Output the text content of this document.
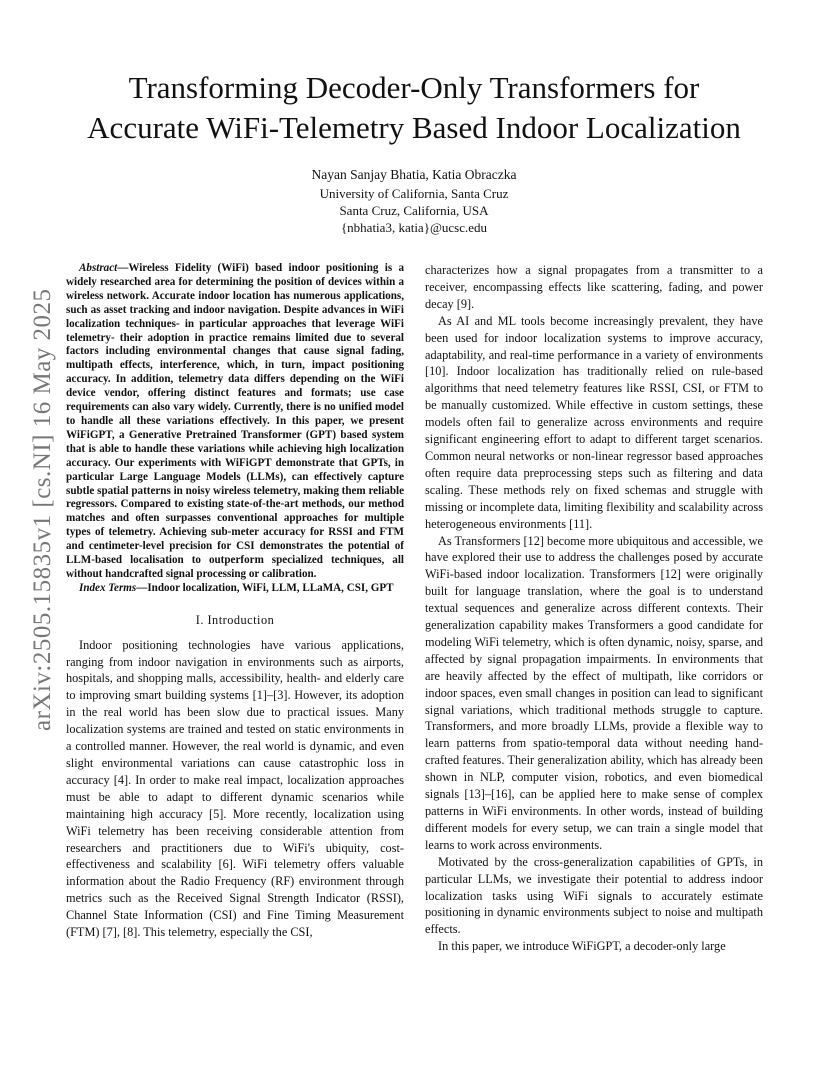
arXiv:2505.15835v1 [cs.NI] 16 May 2025
Transforming Decoder-Only Transformers for
Accurate WiFi-Telemetry Based Indoor Localization
Nayan Sanjay Bhatia, Katia Obraczka
University of California, Santa Cruz
Santa Cruz, California, USA
{nbhatia3, katia}@ucsc.edu

Abstract—Wireless Fidelity (WiFi) based indoor positioning is a widely researched area for determining the position of devices within a wireless network. Accurate indoor location has numerous applications, such as asset tracking and indoor navigation. Despite advances in WiFi localization techniques- in particular approaches that leverage WiFi telemetry- their adoption in practice remains limited due to several factors including environmental changes that cause signal fading, multipath effects, interference, which, in turn, impact positioning accuracy. In addition, telemetry data differs depending on the WiFi device vendor, offering distinct features and formats; use case requirements can also vary widely. Currently, there is no unified model to handle all these variations effectively. In this paper, we present WiFiGPT, a Generative Pretrained Transformer (GPT) based system that is able to handle these variations while achieving high localization accuracy. Our experiments with WiFiGPT demonstrate that GPTs, in particular Large Language Models (LLMs), can effectively capture subtle spatial patterns in noisy wireless telemetry, making them reliable regressors. Compared to existing state-of-the-art methods, our method matches and often surpasses conventional approaches for multiple types of telemetry. Achieving sub-meter accuracy for RSSI and FTM and centimeter-level precision for CSI demonstrates the potential of LLM-based localisation to outperform specialized techniques, all without handcrafted signal processing or calibration.

Index Terms—Indoor localization, WiFi, LLM, LLaMA, CSI, GPT

I. Introduction

Indoor positioning technologies have various applications, ranging from indoor navigation in environments such as airports, hospitals, and shopping malls, accessibility, health- and elderly care to improving smart building systems [1]–[3]. However, its adoption in the real world has been slow due to practical issues. Many localization systems are trained and tested on static environments in a controlled manner. However, the real world is dynamic, and even slight environmental variations can cause catastrophic loss in accuracy [4]. In order to make real impact, localization approaches must be able to adapt to different dynamic scenarios while maintaining high accuracy [5]. More recently, localization using WiFi telemetry has been receiving considerable attention from researchers and practitioners due to WiFi's ubiquity, cost-effectiveness and scalability [6]. WiFi telemetry offers valuable information about the Radio Frequency (RF) environment through metrics such as the Received Signal Strength Indicator (RSSI), Channel State Information (CSI) and Fine Timing Measurement (FTM) [7], [8]. This telemetry, especially the CSI,

characterizes how a signal propagates from a transmitter to a receiver, encompassing effects like scattering, fading, and power decay [9].

As AI and ML tools become increasingly prevalent, they have been used for indoor localization systems to improve accuracy, adaptability, and real-time performance in a variety of environments [10]. Indoor localization has traditionally relied on rule-based algorithms that need telemetry features like RSSI, CSI, or FTM to be manually customized. While effective in custom settings, these models often fail to generalize across environments and require significant engineering effort to adapt to different target scenarios. Common neural networks or non-linear regressor based approaches often require data preprocessing steps such as filtering and data scaling. These methods rely on fixed schemas and struggle with missing or incomplete data, limiting flexibility and scalability across heterogeneous environments [11].

As Transformers [12] become more ubiquitous and accessible, we have explored their use to address the challenges posed by accurate WiFi-based indoor localization. Transformers [12] were originally built for language translation, where the goal is to understand textual sequences and generalize across different contexts. Their generalization capability makes Transformers a good candidate for modeling WiFi telemetry, which is often dynamic, noisy, sparse, and affected by signal propagation impairments. In environments that are heavily affected by the effect of multipath, like corridors or indoor spaces, even small changes in position can lead to significant signal variations, which traditional methods struggle to capture. Transformers, and more broadly LLMs, provide a flexible way to learn patterns from spatio-temporal data without needing hand-crafted features. Their generalization ability, which has already been shown in NLP, computer vision, robotics, and even biomedical signals [13]–[16], can be applied here to make sense of complex patterns in WiFi environments. In other words, instead of building different models for every setup, we can train a single model that learns to work across environments.

Motivated by the cross-generalization capabilities of GPTs, in particular LLMs, we investigate their potential to address indoor localization tasks using WiFi signals to accurately estimate positioning in dynamic environments subject to noise and multipath effects.

In this paper, we introduce WiFiGPT, a decoder-only large
